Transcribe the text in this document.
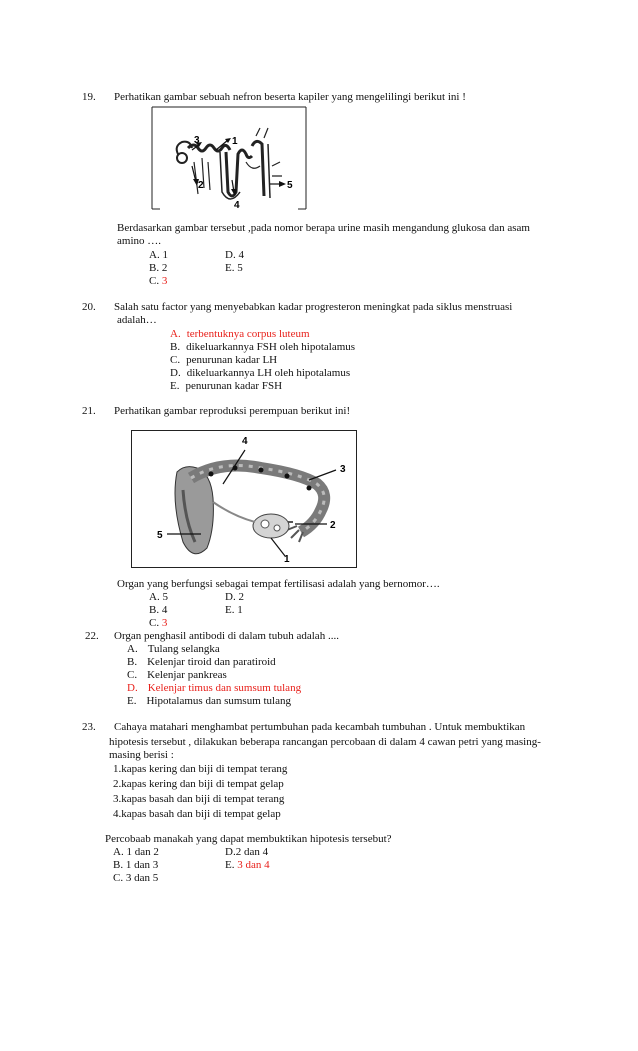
19. Perhatikan gambar sebuah nefron beserta kapiler yang mengelilingi berikut ini !
3	1
2
4
5
Berdasarkan gambar tersebut ,pada nomor berapa urine masih mengandung glukosa dan asam
amino ….
A. 1	D. 4
B. 2	E. 5
C. 3
20. Salah satu factor yang menyebabkan kadar progresteron meningkat pada siklus menstruasi
adalah…
A. terbentuknya corpus luteum
B. dikeluarkannya FSH oleh hipotalamus
C. penurunan kadar LH
D. dikeluarkannya LH oleh hipotalamus
E. penurunan kadar FSH
21. Perhatikan gambar reproduksi perempuan berikut ini!
4
3
2
5
1
Organ yang berfungsi sebagai tempat fertilisasi adalah yang bernomor….
A. 5	D. 2
B. 4	E. 1
C. 3
22. Organ penghasil antibodi di dalam tubuh adalah ....
A. Tulang selangka
B. Kelenjar tiroid dan paratiroid
C. Kelenjar pankreas
D. Kelenjar timus dan sumsum tulang
E. Hipotalamus dan sumsum tulang
23. Cahaya matahari menghambat pertumbuhan pada kecambah tumbuhan . Untuk membuktikan
hipotesis tersebut , dilakukan beberapa rancangan percobaan di dalam 4 cawan petri yang masing-
masing berisi :
1.kapas kering dan biji di tempat terang
2.kapas kering dan biji di tempat gelap
3.kapas basah dan biji di tempat terang
4.kapas basah dan biji di tempat gelap
Percobaab manakah yang dapat membuktikan hipotesis tersebut?
A. 1 dan 2	D.2 dan 4
B. 1 dan 3	E. 3 dan 4
C. 3 dan 5
